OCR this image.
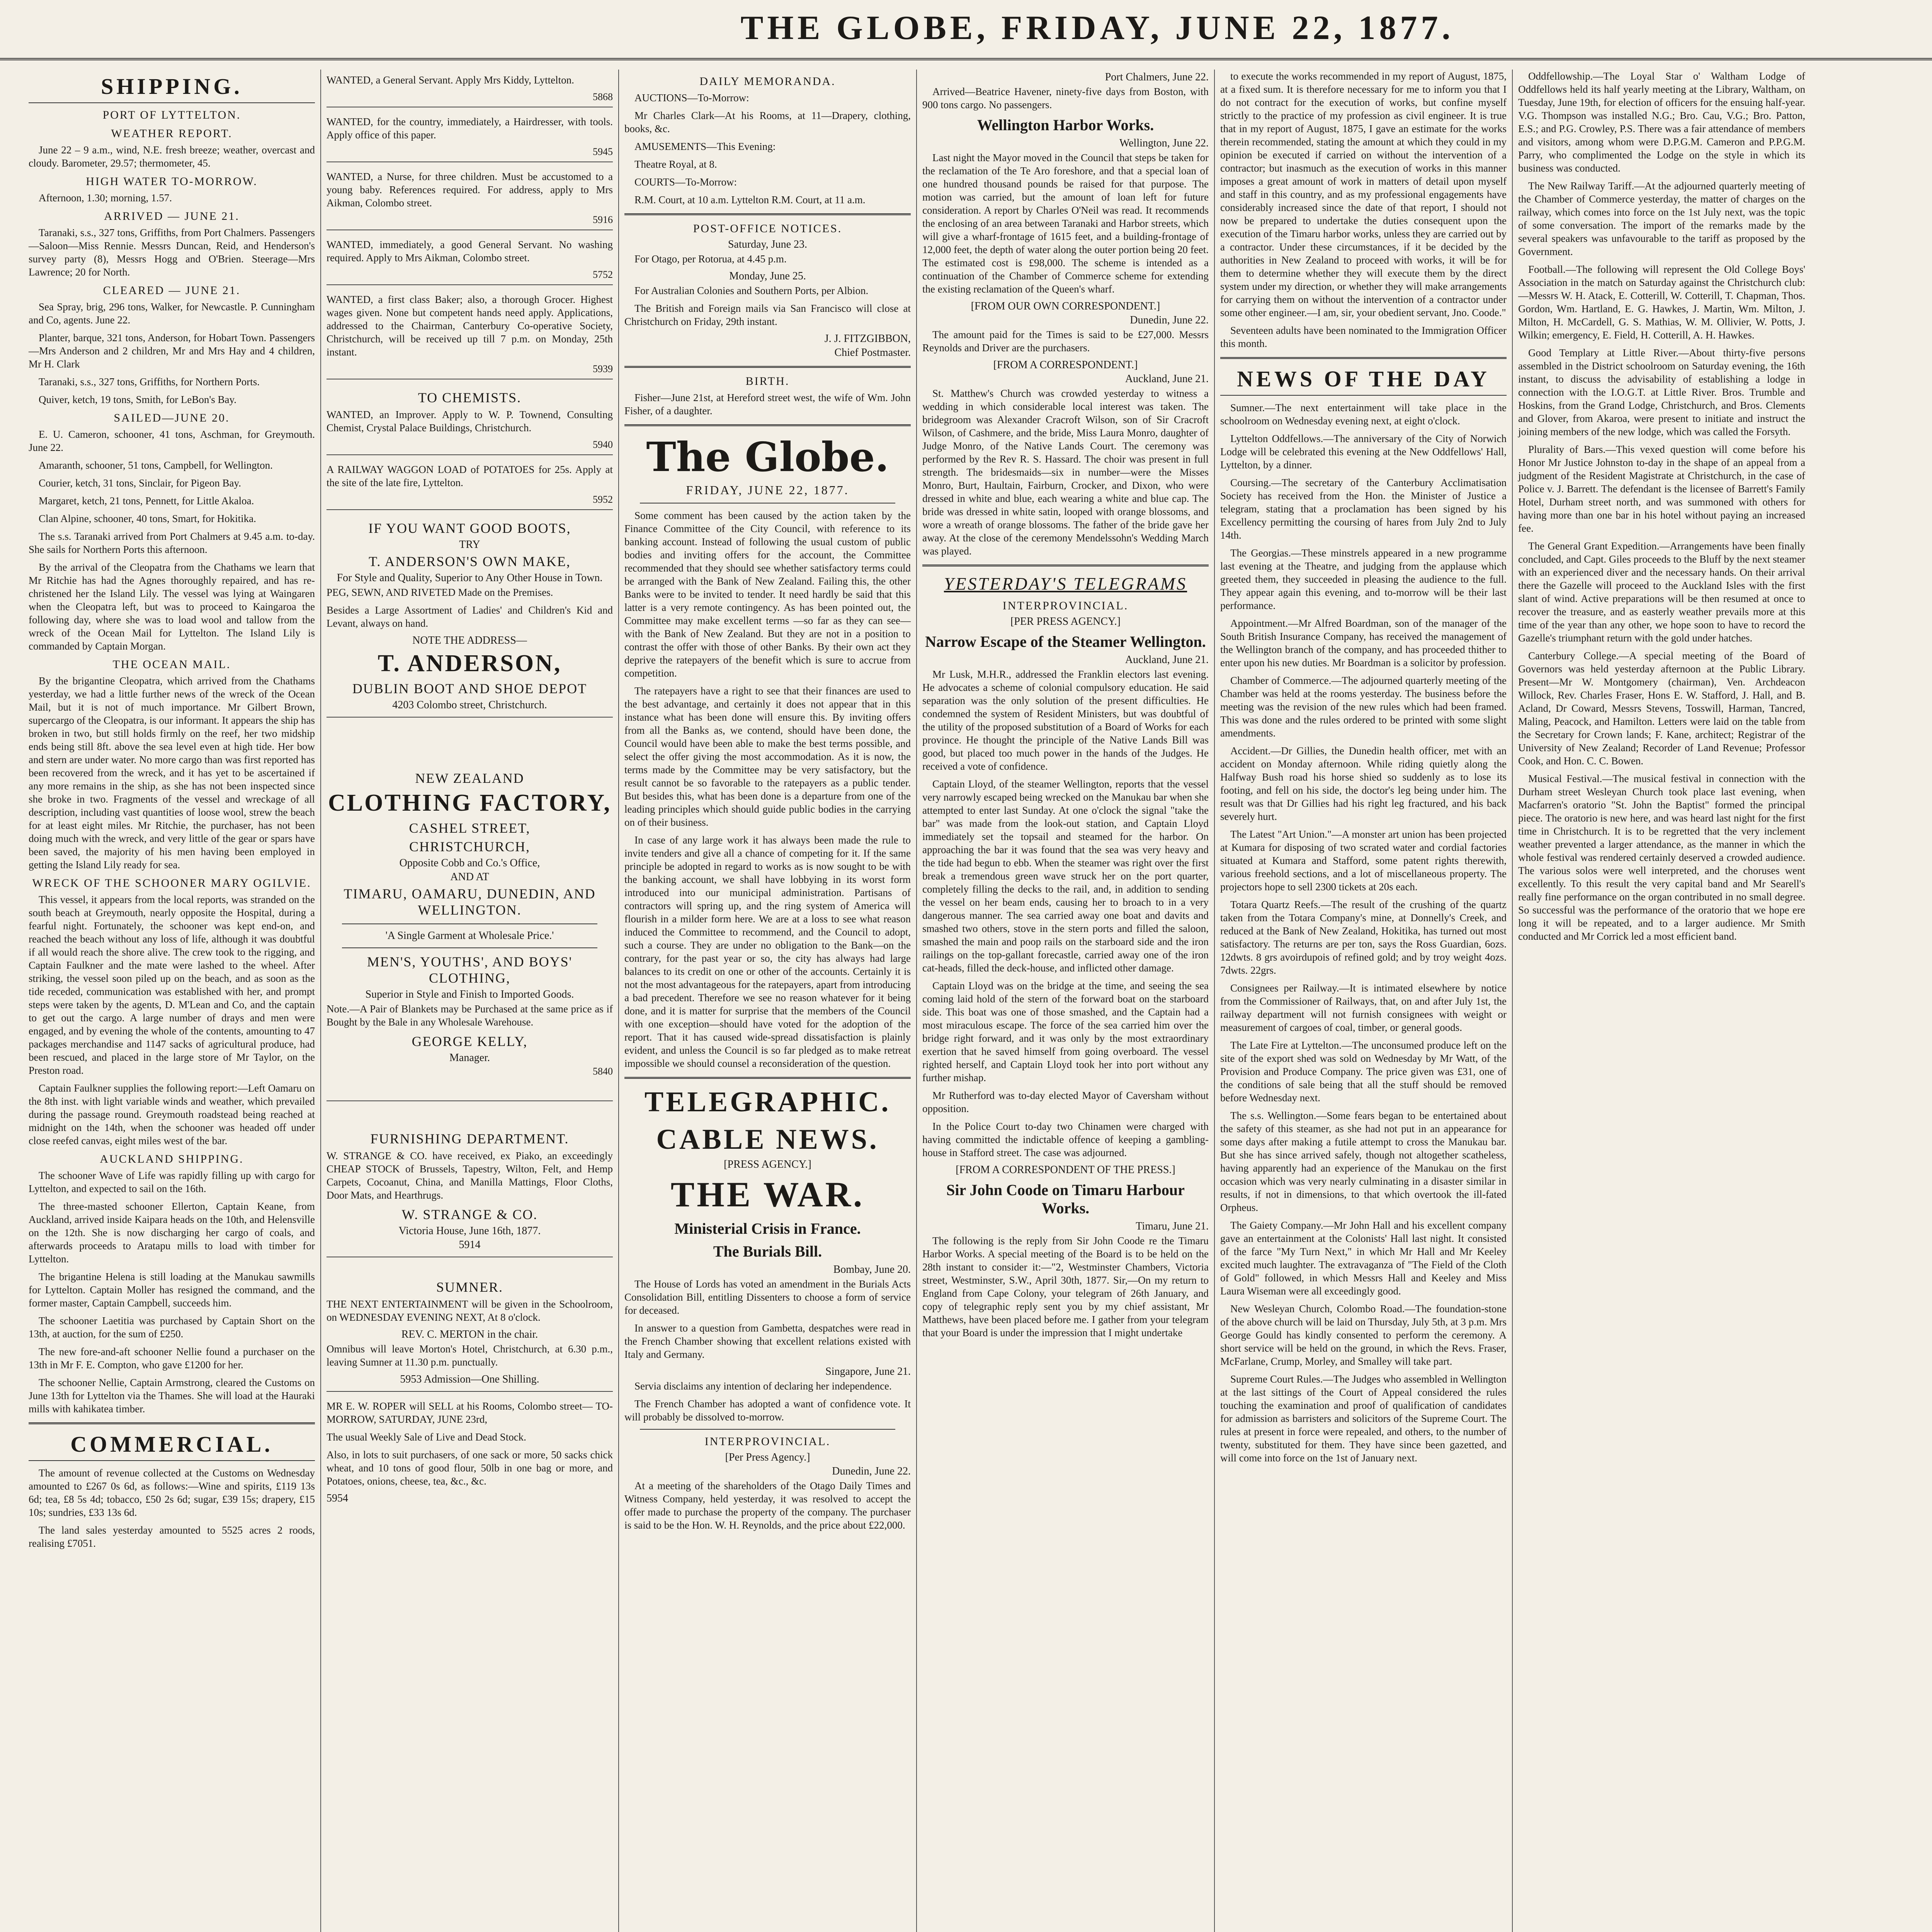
THE GLOBE, FRIDAY, JUNE 22, 1877.
SHIPPING.
PORT OF LYTTELTON.
WEATHER REPORT.

June 22 – 9 a.m., wind, N.E. fresh breeze; weather, overcast and cloudy. Barometer, 29.57; thermometer, 45.

HIGH WATER TO-MORROW.

Afternoon, 1.30; morning, 1.57.

ARRIVED — JUNE 21.

Taranaki, s.s., 327 tons, Griffiths, from Port Chalmers. Passengers—Saloon—Miss Rennie. Messrs Duncan, Reid, and Henderson's survey party (8), Messrs Hogg and O'Brien. Steerage—Mrs Lawrence; 20 for North.

CLEARED — JUNE 21.

Sea Spray, brig, 296 tons, Walker, for Newcastle. P. Cunningham and Co, agents. June 22.

Planter, barque, 321 tons, Anderson, for Hobart Town. Passengers—Mrs Anderson and 2 children, Mr and Mrs Hay and 4 children, Mr H. Clark

Taranaki, s.s., 327 tons, Griffiths, for Northern Ports.

Quiver, ketch, 19 tons, Smith, for LeBon's Bay.

SAILED—JUNE 20.

E. U. Cameron, schooner, 41 tons, Aschman, for Greymouth. June 22.

Amaranth, schooner, 51 tons, Campbell, for Wellington.

Courier, ketch, 31 tons, Sinclair, for Pigeon Bay.

Margaret, ketch, 21 tons, Pennett, for Little Akaloa.

Clan Alpine, schooner, 40 tons, Smart, for Hokitika.

The s.s. Taranaki arrived from Port Chalmers at 9.45 a.m. to-day. She sails for Northern Ports this afternoon.

By the arrival of the Cleopatra from the Chathams we learn that Mr Ritchie has had the Agnes thoroughly repaired, and has re-christened her the Island Lily. The vessel was lying at Waingaren when the Cleopatra left, but was to proceed to Kaingaroa the following day, where she was to load wool and tallow from the wreck of the Ocean Mail for Lyttelton. The Island Lily is commanded by Captain Morgan.

THE OCEAN MAIL.

By the brigantine Cleopatra, which arrived from the Chathams yesterday, we had a little further news of the wreck of the Ocean Mail, but it is not of much importance. Mr Gilbert Brown, supercargo of the Cleopatra, is our informant. It appears the ship has broken in two, but still holds firmly on the reef, her two midship ends being still 8ft. above the sea level even at high tide. Her bow and stern are under water. No more cargo than was first reported has been recovered from the wreck, and it has yet to be ascertained if any more remains in the ship, as she has not been inspected since she broke in two. Fragments of the vessel and wreckage of all description, including vast quantities of loose wool, strew the beach for at least eight miles. Mr Ritchie, the purchaser, has not been doing much with the wreck, and very little of the gear or spars have been saved, the majority of his men having been employed in getting the Island Lily ready for sea.

WRECK OF THE SCHOONER MARY OGILVIE.

This vessel, it appears from the local reports, was stranded on the south beach at Greymouth, nearly opposite the Hospital, during a fearful night. Fortunately, the schooner was kept end-on, and reached the beach without any loss of life, although it was doubtful if all would reach the shore alive. The crew took to the rigging, and Captain Faulkner and the mate were lashed to the wheel. After striking, the vessel soon piled up on the beach, and as soon as the tide receded, communication was established with her, and prompt steps were taken by the agents, D. M'Lean and Co, and the captain to get out the cargo. A large number of drays and men were engaged, and by evening the whole of the contents, amounting to 47 packages merchandise and 1147 sacks of agricultural produce, had been rescued, and placed in the large store of Mr Taylor, on the Preston road.

Captain Faulkner supplies the following report:—Left Oamaru on the 8th inst. with light variable winds and weather, which prevailed during the passage round. Greymouth roadstead being reached at midnight on the 14th, when the schooner was headed off under close reefed canvas, eight miles west of the bar.

AUCKLAND SHIPPING.

The schooner Wave of Life was rapidly filling up with cargo for Lyttelton, and expected to sail on the 16th.

The three-masted schooner Ellerton, Captain Keane, from Auckland, arrived inside Kaipara heads on the 10th, and Helensville on the 12th. She is now discharging her cargo of coals, and afterwards proceeds to Aratapu mills to load with timber for Lyttelton.

The brigantine Helena is still loading at the Manukau sawmills for Lyttelton. Captain Moller has resigned the command, and the former master, Captain Campbell, succeeds him.

The schooner Laetitia was purchased by Captain Short on the 13th, at auction, for the sum of £250.

The new fore-and-aft schooner Nellie found a purchaser on the 13th in Mr F. E. Compton, who gave £1200 for her.

The schooner Nellie, Captain Armstrong, cleared the Customs on June 13th for Lyttelton via the Thames. She will load at the Hauraki mills with kahikatea timber.

COMMERCIAL.

The amount of revenue collected at the Customs on Wednesday amounted to £267 0s 6d, as follows:—Wine and spirits, £119 13s 6d; tea, £8 5s 4d; tobacco, £50 2s 6d; sugar, £39 15s; drapery, £15 10s; sundries, £33 13s 6d.

The land sales yesterday amounted to 5525 acres 2 roods, realising £7051.

WANTED, a General Servant. Apply Mrs Kiddy, Lyttelton.

5868

WANTED, for the country, immediately, a Hairdresser, with tools. Apply office of this paper.

5945

WANTED, a Nurse, for three children. Must be accustomed to a young baby. References required. For address, apply to Mrs Aikman, Colombo street.

5916

WANTED, immediately, a good General Servant. No washing required. Apply to Mrs Aikman, Colombo street.

5752

WANTED, a first class Baker; also, a thorough Grocer. Highest wages given. None but competent hands need apply. Applications, addressed to the Chairman, Canterbury Co-operative Society, Christchurch, will be received up till 7 p.m. on Monday, 25th instant.

5939
TO CHEMISTS.

WANTED, an Improver. Apply to W. P. Townend, Consulting Chemist, Crystal Palace Buildings, Christchurch.

5940

A RAILWAY WAGGON LOAD of POTATOES for 25s. Apply at the site of the late fire, Lyttelton.

5952
IF YOU WANT GOOD BOOTS,
TRY
T. ANDERSON'S OWN MAKE,
For Style and Quality, Superior to Any Other House in Town.

PEG, SEWN, AND RIVETED Made on the Premises.

Besides a Large Assortment of Ladies' and Children's Kid and Levant, always on hand.

NOTE THE ADDRESS—
T. ANDERSON,
DUBLIN BOOT AND SHOE DEPOT
4203 Colombo street, Christchurch.
NEW ZEALAND
CLOTHING FACTORY,
CASHEL STREET,
CHRISTCHURCH,
Opposite Cobb and Co.'s Office,
AND AT
TIMARU, OAMARU, DUNEDIN, AND WELLINGTON.
'A Single Garment at Wholesale Price.'
MEN'S, YOUTHS', AND BOYS' CLOTHING,
Superior in Style and Finish to Imported Goods.

Note.—A Pair of Blankets may be Purchased at the same price as if Bought by the Bale in any Wholesale Warehouse.

GEORGE KELLY,
Manager.
5840
FURNISHING DEPARTMENT.

W. STRANGE & CO. have received, ex Piako, an exceedingly CHEAP STOCK of Brussels, Tapestry, Wilton, Felt, and Hemp Carpets, Cocoanut, China, and Manilla Mattings, Floor Cloths, Door Mats, and Hearthrugs.

W. STRANGE & CO.
Victoria House, June 16th, 1877.
5914
SUMNER.

THE NEXT ENTERTAINMENT will be given in the Schoolroom, on WEDNESDAY EVENING NEXT, At 8 o'clock.

REV. C. MERTON in the chair.

Omnibus will leave Morton's Hotel, Christchurch, at 6.30 p.m., leaving Sumner at 11.30 p.m. punctually.

5953 Admission—One Shilling.

MR E. W. ROPER will SELL at his Rooms, Colombo street— TO-MORROW, SATURDAY, JUNE 23rd,

The usual Weekly Sale of Live and Dead Stock.

Also, in lots to suit purchasers, of one sack or more, 50 sacks chick wheat, and 10 tons of good flour, 50lb in one bag or more, and Potatoes, onions, cheese, tea, &c., &c.

5954
DAILY MEMORANDA.

AUCTIONS—To-Morrow:

Mr Charles Clark—At his Rooms, at 11—Drapery, clothing, books, &c.

AMUSEMENTS—This Evening:

Theatre Royal, at 8.

COURTS—To-Morrow:

R.M. Court, at 10 a.m. Lyttelton R.M. Court, at 11 a.m.

POST-OFFICE NOTICES.
Saturday, June 23.

For Otago, per Rotorua, at 4.45 p.m.

Monday, June 25.

For Australian Colonies and Southern Ports, per Albion.

The British and Foreign mails via San Francisco will close at Christchurch on Friday, 29th instant.

J. J. FITZGIBBON,
Chief Postmaster.
BIRTH.

Fisher—June 21st, at Hereford street west, the wife of Wm. John Fisher, of a daughter.

The Globe.
FRIDAY, JUNE 22, 1877.

Some comment has been caused by the action taken by the Finance Committee of the City Council, with reference to its banking account. Instead of following the usual custom of public bodies and inviting offers for the account, the Committee recommended that they should see whether satisfactory terms could be arranged with the Bank of New Zealand. Failing this, the other Banks were to be invited to tender. It need hardly be said that this latter is a very remote contingency. As has been pointed out, the Committee may make excellent terms —so far as they can see—with the Bank of New Zealand. But they are not in a position to contrast the offer with those of other Banks. By their own act they deprive the ratepayers of the benefit which is sure to accrue from competition.

The ratepayers have a right to see that their finances are used to the best advantage, and certainly it does not appear that in this instance what has been done will ensure this. By inviting offers from all the Banks as, we contend, should have been done, the Council would have been able to make the best terms possible, and select the offer giving the most accommodation. As it is now, the terms made by the Committee may be very satisfactory, but the result cannot be so favorable to the ratepayers as a public tender. But besides this, what has been done is a departure from one of the leading principles which should guide public bodies in the carrying on of their business.

In case of any large work it has always been made the rule to invite tenders and give all a chance of competing for it. If the same principle be adopted in regard to works as is now sought to be with the banking account, we shall have lobbying in its worst form introduced into our municipal administration. Partisans of contractors will spring up, and the ring system of America will flourish in a milder form here. We are at a loss to see what reason induced the Committee to recommend, and the Council to adopt, such a course. They are under no obligation to the Bank—on the contrary, for the past year or so, the city has always had large balances to its credit on one or other of the accounts. Certainly it is not the most advantageous for the ratepayers, apart from introducing a bad precedent. Therefore we see no reason whatever for it being done, and it is matter for surprise that the members of the Council with one exception—should have voted for the adoption of the report. That it has caused wide-spread dissatisfaction is plainly evident, and unless the Council is so far pledged as to make retreat impossible we should counsel a reconsideration of the question.

TELEGRAPHIC.
CABLE NEWS.
[PRESS AGENCY.]
THE WAR.
Ministerial Crisis in France.
The Burials Bill.
Bombay, June 20.

The House of Lords has voted an amendment in the Burials Acts Consolidation Bill, entitling Dissenters to choose a form of service for deceased.

In answer to a question from Gambetta, despatches were read in the French Chamber showing that excellent relations existed with Italy and Germany.

Singapore, June 21.

Servia disclaims any intention of declaring her independence.

The French Chamber has adopted a want of confidence vote. It will probably be dissolved to-morrow.

INTERPROVINCIAL.
[Per Press Agency.]
Dunedin, June 22.

At a meeting of the shareholders of the Otago Daily Times and Witness Company, held yesterday, it was resolved to accept the offer made to purchase the property of the company. The purchaser is said to be the Hon. W. H. Reynolds, and the price about £22,000.

Port Chalmers, June 22.

Arrived—Beatrice Havener, ninety-five days from Boston, with 900 tons cargo. No passengers.

Wellington Harbor Works.
Wellington, June 22.

Last night the Mayor moved in the Council that steps be taken for the reclamation of the Te Aro foreshore, and that a special loan of one hundred thousand pounds be raised for that purpose. The motion was carried, but the amount of loan left for future consideration. A report by Charles O'Neil was read. It recommends the enclosing of an area between Taranaki and Harbor streets, which will give a wharf-frontage of 1615 feet, and a building-frontage of 12,000 feet, the depth of water along the outer portion being 20 feet. The estimated cost is £98,000. The scheme is intended as a continuation of the Chamber of Commerce scheme for extending the existing reclamation of the Queen's wharf.

[FROM OUR OWN CORRESPONDENT.]
Dunedin, June 22.

The amount paid for the Times is said to be £27,000. Messrs Reynolds and Driver are the purchasers.

[FROM A CORRESPONDENT.]
Auckland, June 21.

St. Matthew's Church was crowded yesterday to witness a wedding in which considerable local interest was taken. The bridegroom was Alexander Cracroft Wilson, son of Sir Cracroft Wilson, of Cashmere, and the bride, Miss Laura Monro, daughter of Judge Monro, of the Native Lands Court. The ceremony was performed by the Rev R. S. Hassard. The choir was present in full strength. The bridesmaids—six in number—were the Misses Monro, Burt, Haultain, Fairburn, Crocker, and Dixon, who were dressed in white and blue, each wearing a white and blue cap. The bride was dressed in white satin, looped with orange blossoms, and wore a wreath of orange blossoms. The father of the bride gave her away. At the close of the ceremony Mendelssohn's Wedding March was played.

YESTERDAY'S TELEGRAMS
INTERPROVINCIAL.
[PER PRESS AGENCY.]
Narrow Escape of the Steamer Wellington.
Auckland, June 21.

Mr Lusk, M.H.R., addressed the Franklin electors last evening. He advocates a scheme of colonial compulsory education. He said separation was the only solution of the present difficulties. He condemned the system of Resident Ministers, but was doubtful of the utility of the proposed substitution of a Board of Works for each province. He thought the principle of the Native Lands Bill was good, but placed too much power in the hands of the Judges. He received a vote of confidence.

Captain Lloyd, of the steamer Wellington, reports that the vessel very narrowly escaped being wrecked on the Manukau bar when she attempted to enter last Sunday. At one o'clock the signal "take the bar" was made from the look-out station, and Captain Lloyd immediately set the topsail and steamed for the harbor. On approaching the bar it was found that the sea was very heavy and the tide had begun to ebb. When the steamer was right over the first break a tremendous green wave struck her on the port quarter, completely filling the decks to the rail, and, in addition to sending the vessel on her beam ends, causing her to broach to in a very dangerous manner. The sea carried away one boat and davits and smashed two others, stove in the stern ports and filled the saloon, smashed the main and poop rails on the starboard side and the iron railings on the top-gallant forecastle, carried away one of the iron cat-heads, filled the deck-house, and inflicted other damage.

Captain Lloyd was on the bridge at the time, and seeing the sea coming laid hold of the stern of the forward boat on the starboard side. This boat was one of those smashed, and the Captain had a most miraculous escape. The force of the sea carried him over the bridge right forward, and it was only by the most extraordinary exertion that he saved himself from going overboard. The vessel righted herself, and Captain Lloyd took her into port without any further mishap.

Mr Rutherford was to-day elected Mayor of Caversham without opposition.

In the Police Court to-day two Chinamen were charged with having committed the indictable offence of keeping a gambling-house in Stafford street. The case was adjourned.

[FROM A CORRESPONDENT OF THE PRESS.]
Sir John Coode on Timaru Harbour Works.
Timaru, June 21.

The following is the reply from Sir John Coode re the Timaru Harbor Works. A special meeting of the Board is to be held on the 28th instant to consider it:—"2, Westminster Chambers, Victoria street, Westminster, S.W., April 30th, 1877. Sir,—On my return to England from Cape Colony, your telegram of 26th January, and copy of telegraphic reply sent you by my chief assistant, Mr Matthews, have been placed before me. I gather from your telegram that your Board is under the impression that I might undertake

to execute the works recommended in my report of August, 1875, at a fixed sum. It is therefore necessary for me to inform you that I do not contract for the execution of works, but confine myself strictly to the practice of my profession as civil engineer. It is true that in my report of August, 1875, I gave an estimate for the works therein recommended, stating the amount at which they could in my opinion be executed if carried on without the intervention of a contractor; but inasmuch as the execution of works in this manner imposes a great amount of work in matters of detail upon myself and staff in this country, and as my professional engagements have considerably increased since the date of that report, I should not now be prepared to undertake the duties consequent upon the execution of the Timaru harbor works, unless they are carried out by a contractor. Under these circumstances, if it be decided by the authorities in New Zealand to proceed with works, it will be for them to determine whether they will execute them by the direct system under my direction, or whether they will make arrangements for carrying them on without the intervention of a contractor under some other engineer.—I am, sir, your obedient servant, Jno. Coode."

Seventeen adults have been nominated to the Immigration Officer this month.

NEWS OF THE DAY

Sumner.—The next entertainment will take place in the schoolroom on Wednesday evening next, at eight o'clock.

Lyttelton Oddfellows.—The anniversary of the City of Norwich Lodge will be celebrated this evening at the New Oddfellows' Hall, Lyttelton, by a dinner.

Coursing.—The secretary of the Canterbury Acclimatisation Society has received from the Hon. the Minister of Justice a telegram, stating that a proclamation has been signed by his Excellency permitting the coursing of hares from July 2nd to July 14th.

The Georgias.—These minstrels appeared in a new programme last evening at the Theatre, and judging from the applause which greeted them, they succeeded in pleasing the audience to the full. They appear again this evening, and to-morrow will be their last performance.

Appointment.—Mr Alfred Boardman, son of the manager of the South British Insurance Company, has received the management of the Wellington branch of the company, and has proceeded thither to enter upon his new duties. Mr Boardman is a solicitor by profession.

Chamber of Commerce.—The adjourned quarterly meeting of the Chamber was held at the rooms yesterday. The business before the meeting was the revision of the new rules which had been framed. This was done and the rules ordered to be printed with some slight amendments.

Accident.—Dr Gillies, the Dunedin health officer, met with an accident on Monday afternoon. While riding quietly along the Halfway Bush road his horse shied so suddenly as to lose its footing, and fell on his side, the doctor's leg being under him. The result was that Dr Gillies had his right leg fractured, and his back severely hurt.

The Latest "Art Union."—A monster art union has been projected at Kumara for disposing of two scrated water and cordial factories situated at Kumara and Stafford, some patent rights therewith, various freehold sections, and a lot of miscellaneous property. The projectors hope to sell 2300 tickets at 20s each.

Totara Quartz Reefs.—The result of the crushing of the quartz taken from the Totara Company's mine, at Donnelly's Creek, and reduced at the Bank of New Zealand, Hokitika, has turned out most satisfactory. The returns are per ton, says the Ross Guardian, 6ozs. 12dwts. 8 grs avoirdupois of refined gold; and by troy weight 4ozs. 7dwts. 22grs.

Consignees per Railway.—It is intimated elsewhere by notice from the Commissioner of Railways, that, on and after July 1st, the railway department will not furnish consignees with weight or measurement of cargoes of coal, timber, or general goods.

The Late Fire at Lyttelton.—The unconsumed produce left on the site of the export shed was sold on Wednesday by Mr Watt, of the Provision and Produce Company. The price given was £31, one of the conditions of sale being that all the stuff should be removed before Wednesday next.

The s.s. Wellington.—Some fears began to be entertained about the safety of this steamer, as she had not put in an appearance for some days after making a futile attempt to cross the Manukau bar. But she has since arrived safely, though not altogether scatheless, having apparently had an experience of the Manukau on the first occasion which was very nearly culminating in a disaster similar in results, if not in dimensions, to that which overtook the ill-fated Orpheus.

The Gaiety Company.—Mr John Hall and his excellent company gave an entertainment at the Colonists' Hall last night. It consisted of the farce "My Turn Next," in which Mr Hall and Mr Keeley excited much laughter. The extravaganza of "The Field of the Cloth of Gold" followed, in which Messrs Hall and Keeley and Miss Laura Wiseman were all exceedingly good.

New Wesleyan Church, Colombo Road.—The foundation-stone of the above church will be laid on Thursday, July 5th, at 3 p.m. Mrs George Gould has kindly consented to perform the ceremony. A short service will be held on the ground, in which the Revs. Fraser, McFarlane, Crump, Morley, and Smalley will take part.

Supreme Court Rules.—The Judges who assembled in Wellington at the last sittings of the Court of Appeal considered the rules touching the examination and proof of qualification of candidates for admission as barristers and solicitors of the Supreme Court. The rules at present in force were repealed, and others, to the number of twenty, substituted for them. They have since been gazetted, and will come into force on the 1st of January next.

Oddfellowship.—The Loyal Star o' Waltham Lodge of Oddfellows held its half yearly meeting at the Library, Waltham, on Tuesday, June 19th, for election of officers for the ensuing half-year. V.G. Thompson was installed N.G.; Bro. Cau, V.G.; Bro. Patton, E.S.; and P.G. Crowley, P.S. There was a fair attendance of members and visitors, among whom were D.P.G.M. Cameron and P.P.G.M. Parry, who complimented the Lodge on the style in which its business was conducted.

The New Railway Tariff.—At the adjourned quarterly meeting of the Chamber of Commerce yesterday, the matter of charges on the railway, which comes into force on the 1st July next, was the topic of some conversation. The import of the remarks made by the several speakers was unfavourable to the tariff as proposed by the Government.

Football.—The following will represent the Old College Boys' Association in the match on Saturday against the Christchurch club:—Messrs W. H. Atack, E. Cotterill, W. Cotterill, T. Chapman, Thos. Gordon, Wm. Hartland, E. G. Hawkes, J. Martin, Wm. Milton, J. Milton, H. McCardell, G. S. Mathias, W. M. Ollivier, W. Potts, J. Wilkin; emergency, E. Field, H. Cotterill, A. H. Hawkes.

Good Templary at Little River.—About thirty-five persons assembled in the District schoolroom on Saturday evening, the 16th instant, to discuss the advisability of establishing a lodge in connection with the I.O.G.T. at Little River. Bros. Trumble and Hoskins, from the Grand Lodge, Christchurch, and Bros. Clements and Glover, from Akaroa, were present to initiate and instruct the joining members of the new lodge, which was called the Forsyth.

Plurality of Bars.—This vexed question will come before his Honor Mr Justice Johnston to-day in the shape of an appeal from a judgment of the Resident Magistrate at Christchurch, in the case of Police v. J. Barrett. The defendant is the licensee of Barrett's Family Hotel, Durham street north, and was summoned with others for having more than one bar in his hotel without paying an increased fee.

The General Grant Expedition.—Arrangements have been finally concluded, and Capt. Giles proceeds to the Bluff by the next steamer with an experienced diver and the necessary hands. On their arrival there the Gazelle will proceed to the Auckland Isles with the first slant of wind. Active preparations will be then resumed at once to recover the treasure, and as easterly weather prevails more at this time of the year than any other, we hope soon to have to record the Gazelle's triumphant return with the gold under hatches.

Canterbury College.—A special meeting of the Board of Governors was held yesterday afternoon at the Public Library. Present—Mr W. Montgomery (chairman), Ven. Archdeacon Willock, Rev. Charles Fraser, Hons E. W. Stafford, J. Hall, and B. Acland, Dr Coward, Messrs Stevens, Tosswill, Harman, Tancred, Maling, Peacock, and Hamilton. Letters were laid on the table from the Secretary for Crown lands; F. Kane, architect; Registrar of the University of New Zealand; Recorder of Land Revenue; Professor Cook, and Hon. C. C. Bowen.

Musical Festival.—The musical festival in connection with the Durham street Wesleyan Church took place last evening, when Macfarren's oratorio "St. John the Baptist" formed the principal piece. The oratorio is new here, and was heard last night for the first time in Christchurch. It is to be regretted that the very inclement weather prevented a larger attendance, as the manner in which the whole festival was rendered certainly deserved a crowded audience. The various solos were well interpreted, and the choruses went excellently. To this result the very capital band and Mr Searell's really fine performance on the organ contributed in no small degree. So successful was the performance of the oratorio that we hope ere long it will be repeated, and to a larger audience. Mr Smith conducted and Mr Corrick led a most efficient band.
